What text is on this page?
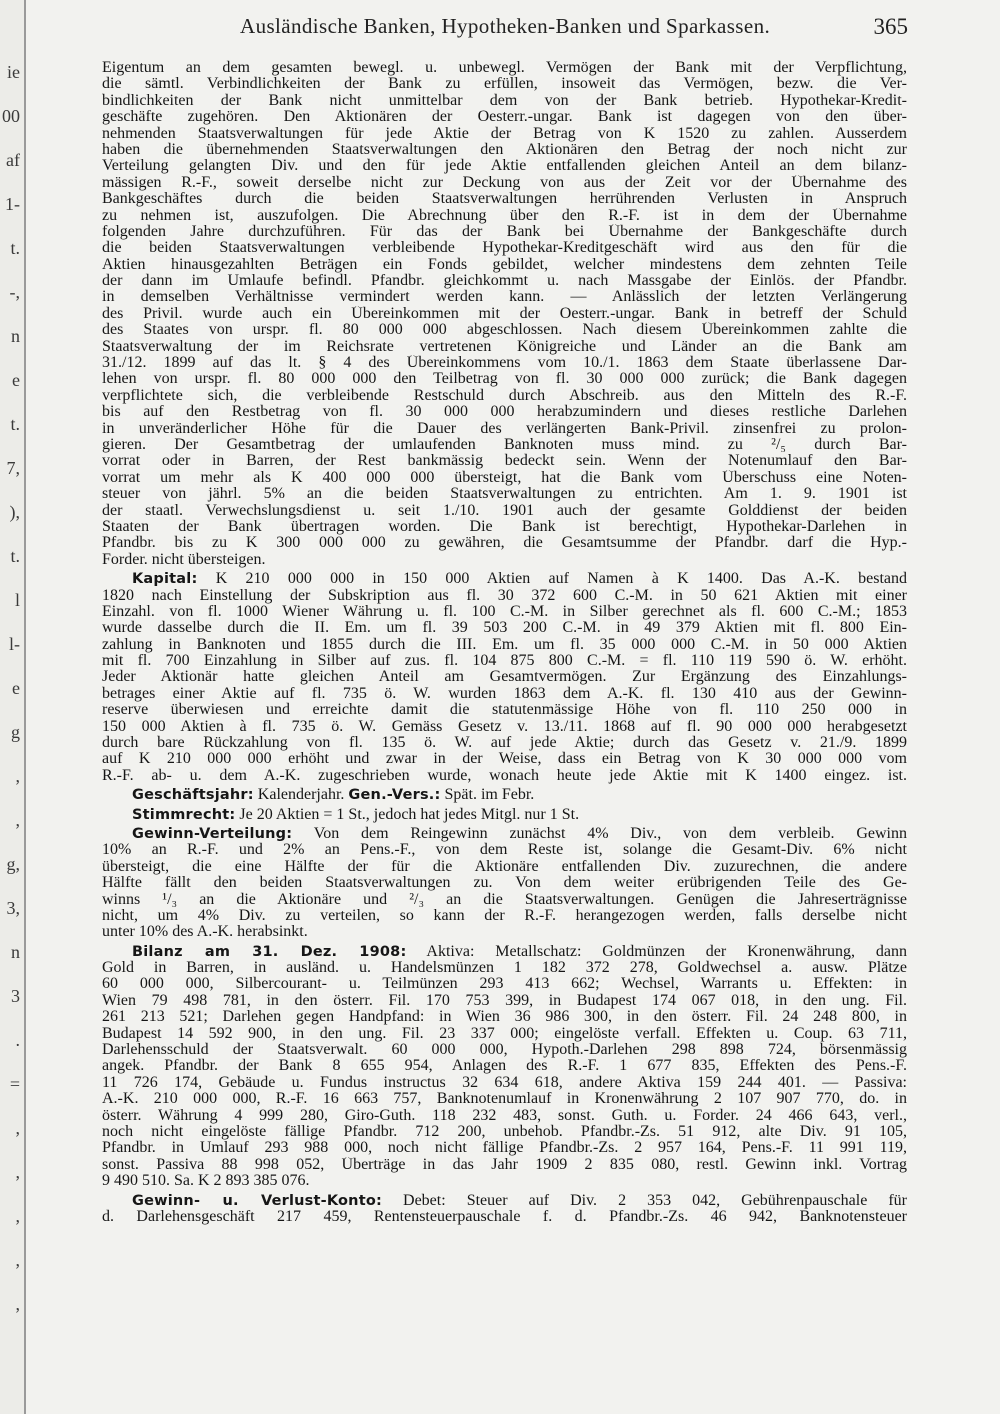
ie
00
af
1-
t.
-,
n
e
t.
7,
),
t.
l
l-
e
g
,
,
g,
3,
n
3
.
=
,
,
,
,
,
Ausländische Banken, Hypotheken-Banken und Sparkassen.	365
Eigentum an dem gesamten bewegl. u. unbewegl. Vermögen der Bank mit der Verpflichtung,
die sämtl. Verbindlichkeiten der Bank zu erfüllen, insoweit das Vermögen, bezw. die Ver-
bindlichkeiten der Bank nicht unmittelbar dem von der Bank betrieb. Hypothekar-Kredit-
geschäfte zugehören. Den Aktionären der Oesterr.-ungar. Bank ist dagegen von den über-
nehmenden Staatsverwaltungen für jede Aktie der Betrag von K 1520 zu zahlen. Ausserdem
haben die übernehmenden Staatsverwaltungen den Aktionären den Betrag der noch nicht zur
Verteilung gelangten Div. und den für jede Aktie entfallenden gleichen Anteil an dem bilanz-
mässigen R.-F., soweit derselbe nicht zur Deckung von aus der Zeit vor der Übernahme des
Bankgeschäftes durch die beiden Staatsverwaltungen herrührenden Verlusten in Anspruch
zu nehmen ist, auszufolgen. Die Abrechnung über den R.-F. ist in dem der Übernahme
folgenden Jahre durchzuführen. Für das der Bank bei Übernahme der Bankgeschäfte durch
die beiden Staatsverwaltungen verbleibende Hypothekar-Kreditgeschäft wird aus den für die
Aktien hinausgezahlten Beträgen ein Fonds gebildet, welcher mindestens dem zehnten Teile
der dann im Umlaufe befindl. Pfandbr. gleichkommt u. nach Massgabe der Einlös. der Pfandbr.
in demselben Verhältnisse vermindert werden kann. — Anlässlich der letzten Verlängerung
des Privil. wurde auch ein Übereinkommen mit der Oesterr.-ungar. Bank in betreff der Schuld
des Staates von urspr. fl. 80 000 000 abgeschlossen. Nach diesem Übereinkommen zahlte die
Staatsverwaltung der im Reichsrate vertretenen Königreiche und Länder an die Bank am
31./12. 1899 auf das lt. § 4 des Übereinkommens vom 10./1. 1863 dem Staate überlassene Dar-
lehen von urspr. fl. 80 000 000 den Teilbetrag von fl. 30 000 000 zurück; die Bank dagegen
verpflichtete sich, die verbleibende Restschuld durch Abschreib. aus den Mitteln des R.-F.
bis auf den Restbetrag von fl. 30 000 000 herabzumindern und dieses restliche Darlehen
in unveränderlicher Höhe für die Dauer des verlängerten Bank-Privil. zinsenfrei zu prolon-
gieren. Der Gesamtbetrag der umlaufenden Banknoten muss mind. zu ²/₅ durch Bar-
vorrat oder in Barren, der Rest bankmässig bedeckt sein. Wenn der Notenumlauf den Bar-
vorrat um mehr als K 400 000 000 übersteigt, hat die Bank vom Überschuss eine Noten-
steuer von jährl. 5% an die beiden Staatsverwaltungen zu entrichten. Am 1. 9. 1901 ist
der staatl. Verwechslungsdienst u. seit 1./10. 1901 auch der gesamte Golddienst der beiden
Staaten der Bank übertragen worden. Die Bank ist berechtigt, Hypothekar-Darlehen in
Pfandbr. bis zu K 300 000 000 zu gewähren, die Gesamtsumme der Pfandbr. darf die Hyp.-
Forder. nicht übersteigen.
Kapital: K 210 000 000 in 150 000 Aktien auf Namen à K 1400. Das A.-K. bestand
1820 nach Einstellung der Subskription aus fl. 30 372 600 C.-M. in 50 621 Aktien mit einer
Einzahl. von fl. 1000 Wiener Währung u. fl. 100 C.-M. in Silber gerechnet als fl. 600 C.-M.; 1853
wurde dasselbe durch die II. Em. um fl. 39 503 200 C.-M. in 49 379 Aktien mit fl. 800 Ein-
zahlung in Banknoten und 1855 durch die III. Em. um fl. 35 000 000 C.-M. in 50 000 Aktien
mit fl. 700 Einzahlung in Silber auf zus. fl. 104 875 800 C.-M. = fl. 110 119 590 ö. W. erhöht.
Jeder Aktionär hatte gleichen Anteil am Gesamtvermögen. Zur Ergänzung des Einzahlungs-
betrages einer Aktie auf fl. 735 ö. W. wurden 1863 dem A.-K. fl. 130 410 aus der Gewinn-
reserve überwiesen und erreichte damit die statutenmässige Höhe von fl. 110 250 000 in
150 000 Aktien à fl. 735 ö. W. Gemäss Gesetz v. 13./11. 1868 auf fl. 90 000 000 herabgesetzt
durch bare Rückzahlung von fl. 135 ö. W. auf jede Aktie; durch das Gesetz v. 21./9. 1899
auf K 210 000 000 erhöht und zwar in der Weise, dass ein Betrag von K 30 000 000 vom
R.-F. ab- u. dem A.-K. zugeschrieben wurde, wonach heute jede Aktie mit K 1400 eingez. ist.
Geschäftsjahr: Kalenderjahr. Gen.-Vers.: Spät. im Febr.
Stimmrecht: Je 20 Aktien = 1 St., jedoch hat jedes Mitgl. nur 1 St.
Gewinn-Verteilung: Von dem Reingewinn zunächst 4% Div., von dem verbleib. Gewinn
10% an R.-F. und 2% an Pens.-F., von dem Reste ist, solange die Gesamt-Div. 6% nicht
übersteigt, die eine Hälfte der für die Aktionäre entfallenden Div. zuzurechnen, die andere
Hälfte fällt den beiden Staatsverwaltungen zu. Von dem weiter erübrigenden Teile des Ge-
winns ¹/₃ an die Aktionäre und ²/₃ an die Staatsverwaltungen. Genügen die Jahreserträgnisse
nicht, um 4% Div. zu verteilen, so kann der R.-F. herangezogen werden, falls derselbe nicht
unter 10% des A.-K. herabsinkt.
Bilanz am 31. Dez. 1908: Aktiva: Metallschatz: Goldmünzen der Kronenwährung, dann
Gold in Barren, in ausländ. u. Handelsmünzen 1 182 372 278, Goldwechsel a. ausw. Plätze
60 000 000, Silbercourant- u. Teilmünzen 293 413 662; Wechsel, Warrants u. Effekten: in
Wien 79 498 781, in den österr. Fil. 170 753 399, in Budapest 174 067 018, in den ung. Fil.
261 213 521; Darlehen gegen Handpfand: in Wien 36 986 300, in den österr. Fil. 24 248 800, in
Budapest 14 592 900, in den ung. Fil. 23 337 000; eingelöste verfall. Effekten u. Coup. 63 711,
Darlehensschuld der Staatsverwalt. 60 000 000, Hypoth.-Darlehen 298 898 724, börsenmässig
angek. Pfandbr. der Bank 8 655 954, Anlagen des R.-F. 1 677 835, Effekten des Pens.-F.
11 726 174, Gebäude u. Fundus instructus 32 634 618, andere Aktiva 159 244 401. — Passiva:
A.-K. 210 000 000, R.-F. 16 663 757, Banknotenumlauf in Kronenwährung 2 107 907 770, do. in
österr. Währung 4 999 280, Giro-Guth. 118 232 483, sonst. Guth. u. Forder. 24 466 643, verl.,
noch nicht eingelöste fällige Pfandbr. 712 200, unbehob. Pfandbr.-Zs. 51 912, alte Div. 91 105,
Pfandbr. in Umlauf 293 988 000, noch nicht fällige Pfandbr.-Zs. 2 957 164, Pens.-F. 11 991 119,
sonst. Passiva 88 998 052, Überträge in das Jahr 1909 2 835 080, restl. Gewinn inkl. Vortrag
9 490 510. Sa. K 2 893 385 076.
Gewinn- u. Verlust-Konto: Debet: Steuer auf Div. 2 353 042, Gebührenpauschale für
d. Darlehensgeschäft 217 459, Rentensteuerpauschale f. d. Pfandbr.-Zs. 46 942, Banknotensteuer
